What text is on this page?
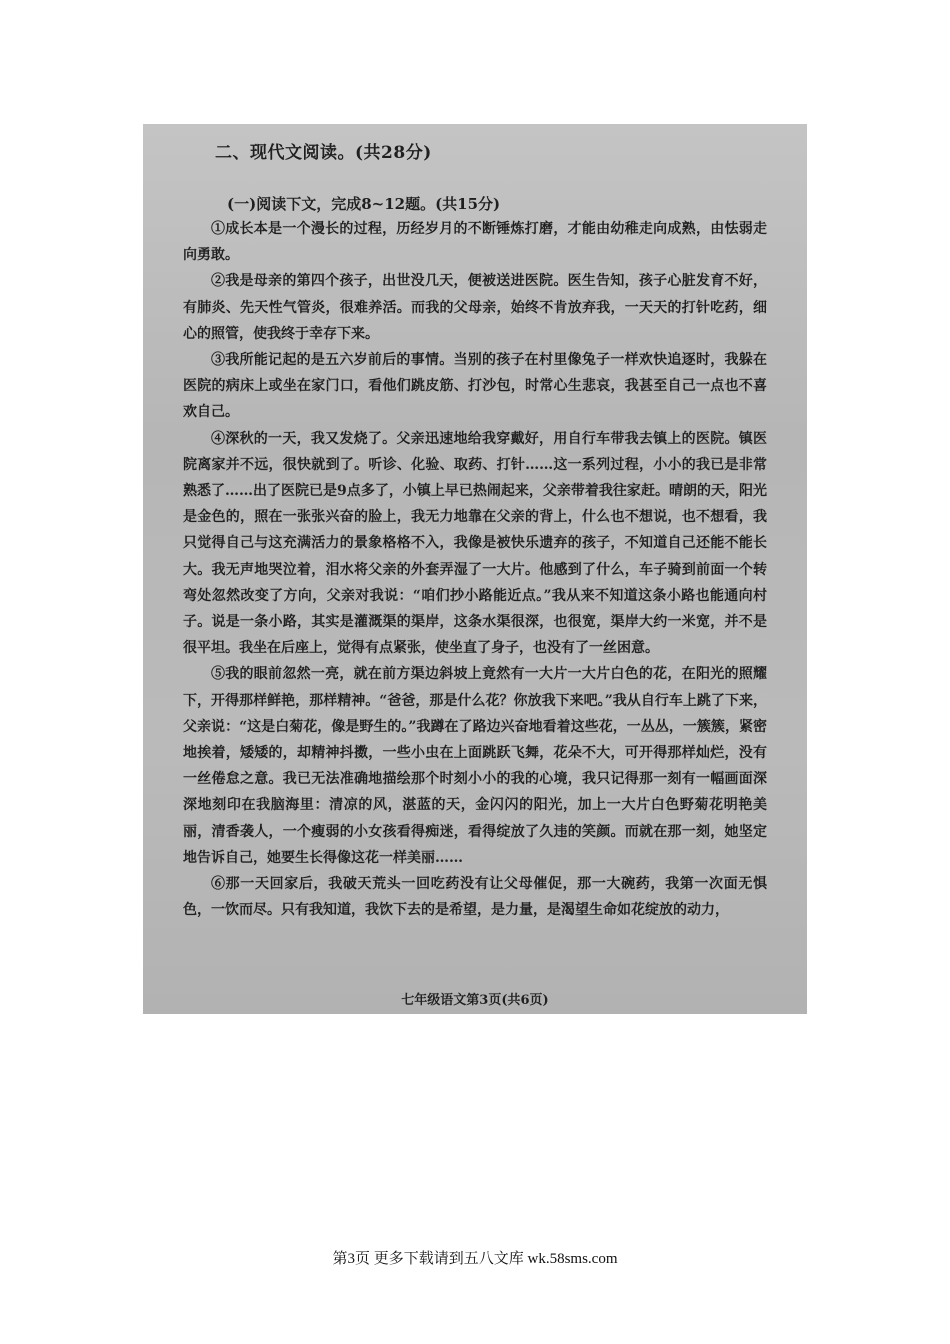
二、现代文阅读。(共28分)
(一)阅读下文，完成8~12题。(共15分)

①成长本是一个漫长的过程，历经岁月的不断锤炼打磨，才能由幼稚走向成熟，由怯弱走向勇敢。

②我是母亲的第四个孩子，出世没几天，便被送进医院。医生告知，孩子心脏发育不好，有肺炎、先天性气管炎，很难养活。而我的父母亲，始终不肯放弃我，一天天的打针吃药，细心的照管，使我终于幸存下来。

③我所能记起的是五六岁前后的事情。当别的孩子在村里像兔子一样欢快追逐时，我躲在医院的病床上或坐在家门口，看他们跳皮筋、打沙包，时常心生悲哀，我甚至自己一点也不喜欢自己。

④深秋的一天，我又发烧了。父亲迅速地给我穿戴好，用自行车带我去镇上的医院。镇医院离家并不远，很快就到了。听诊、化验、取药、打针……这一系列过程，小小的我已是非常熟悉了……出了医院已是9点多了，小镇上早已热闹起来，父亲带着我往家赶。晴朗的天，阳光是金色的，照在一张张兴奋的脸上，我无力地靠在父亲的背上，什么也不想说，也不想看，我只觉得自己与这充满活力的景象格格不入，我像是被快乐遗弃的孩子，不知道自己还能不能长大。我无声地哭泣着，泪水将父亲的外套弄湿了一大片。他感到了什么，车子骑到前面一个转弯处忽然改变了方向，父亲对我说：“咱们抄小路能近点。”我从来不知道这条小路也能通向村子。说是一条小路，其实是灌溉渠的渠岸，这条水渠很深，也很宽，渠岸大约一米宽，并不是很平坦。我坐在后座上，觉得有点紧张，使坐直了身子，也没有了一丝困意。

⑤我的眼前忽然一亮，就在前方渠边斜坡上竟然有一大片一大片白色的花，在阳光的照耀下，开得那样鲜艳，那样精神。“爸爸，那是什么花？你放我下来吧。”我从自行车上跳了下来，父亲说：“这是白菊花，像是野生的。”我蹲在了路边兴奋地看着这些花，一丛丛，一簇簇，紧密地挨着，矮矮的，却精神抖擞，一些小虫在上面跳跃飞舞，花朵不大，可开得那样灿烂，没有一丝倦怠之意。我已无法准确地描绘那个时刻小小的我的心境，我只记得那一刻有一幅画面深深地刻印在我脑海里：清凉的风，湛蓝的天，金闪闪的阳光，加上一大片白色野菊花明艳美丽，清香袭人，一个瘦弱的小女孩看得痴迷，看得绽放了久违的笑颜。而就在那一刻，她坚定地告诉自己，她要生长得像这花一样美丽……

⑥那一天回家后，我破天荒头一回吃药没有让父母催促，那一大碗药，我第一次面无惧色，一饮而尽。只有我知道，我饮下去的是希望，是力量，是渴望生命如花绽放的动力，

七年级语文第3页(共6页)
第3页 更多下载请到五八文库 wk.58sms.com
